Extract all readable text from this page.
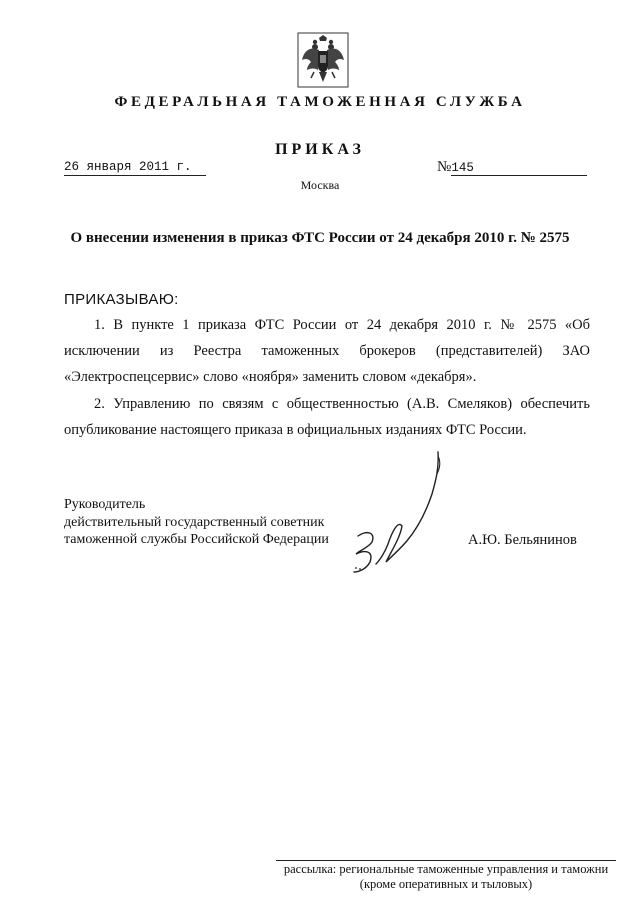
ФЕДЕРАЛЬНАЯ ТАМОЖЕННАЯ СЛУЖБА
ПРИКАЗ
26 января 2011 г.	№145
Москва
О внесении изменения в приказ ФТС России от 24 декабря 2010 г. № 2575
ПРИКАЗЫВАЮ:

1. В пункте 1 приказа ФТС России от 24 декабря 2010 г. № 2575 «Об исключении из Реестра таможенных брокеров (представителей) ЗАО «Электроспецсервис» слово «ноября» заменить словом «декабря».

2. Управлению по связям с общественностью (А.В. Смеляков) обеспечить опубликование настоящего приказа в официальных изданиях ФТС России.

Руководитель
действительный государственный советник
таможенной службы Российской Федерации	А.Ю. Бельянинов
рассылка: региональные таможенные управления и таможни
(кроме оперативных и тыловых)
